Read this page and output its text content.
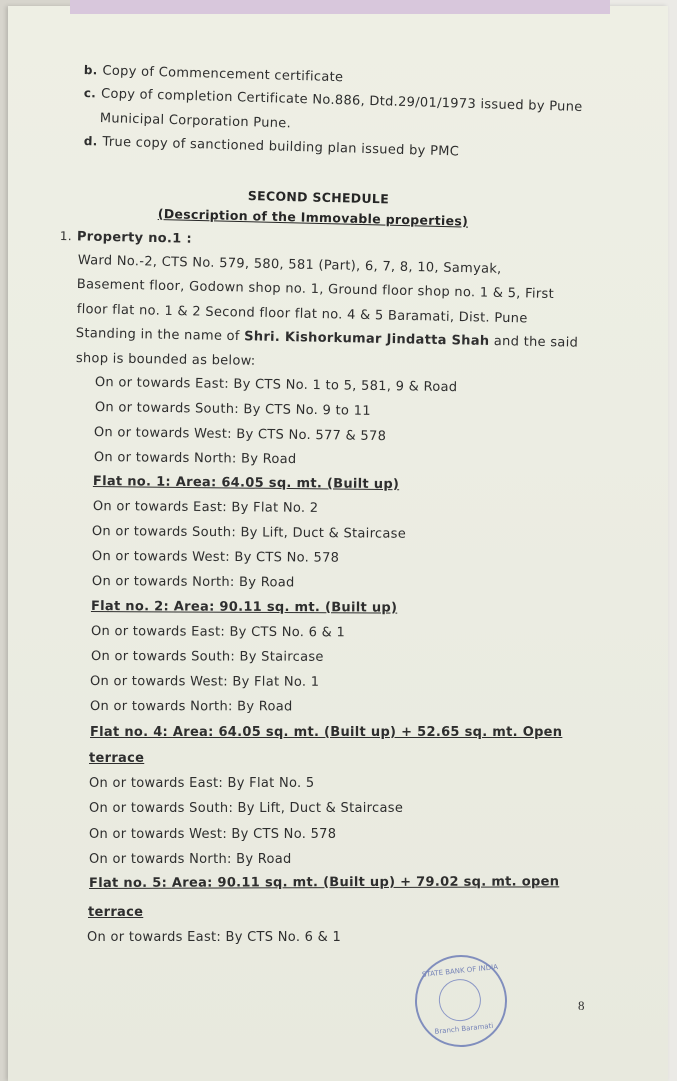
b. Copy of Commencement certificate
c. Copy of completion Certificate No.886, Dtd.29/01/1973 issued by Pune
Municipal Corporation Pune.
d. True copy of sanctioned building plan issued by PMC
SECOND SCHEDULE
(Description of the Immovable properties)
1. Property no.1 :
Ward No.-2, CTS No. 579, 580, 581 (Part), 6, 7, 8, 10, Samyak,
Basement floor, Godown shop no. 1, Ground floor shop no. 1 & 5, First
floor flat no. 1 & 2 Second floor flat no. 4 & 5 Baramati, Dist. Pune
Standing in the name of Shri. Kishorkumar Jindatta Shah and the said
shop is bounded as below:
On or towards East: By CTS No. 1 to 5, 581, 9 & Road
On or towards South: By CTS No. 9 to 11
On or towards West: By CTS No. 577 & 578
On or towards North: By Road
Flat no. 1: Area: 64.05 sq. mt. (Built up)
On or towards East: By Flat No. 2
On or towards South: By Lift, Duct & Staircase
On or towards West: By CTS No. 578
On or towards North: By Road
Flat no. 2: Area: 90.11 sq. mt. (Built up)
On or towards East: By CTS No. 6 & 1
On or towards South: By Staircase
On or towards West: By Flat No. 1
On or towards North: By Road
Flat no. 4: Area: 64.05 sq. mt. (Built up) + 52.65 sq. mt. Open
terrace
On or towards East: By Flat No. 5
On or towards South: By Lift, Duct & Staircase
On or towards West: By CTS No. 578
On or towards North: By Road
Flat no. 5: Area: 90.11 sq. mt. (Built up) + 79.02 sq. mt. open
terrace
On or towards East: By CTS No. 6 & 1
STATE BANK OF INDIA
Branch Baramati
8
